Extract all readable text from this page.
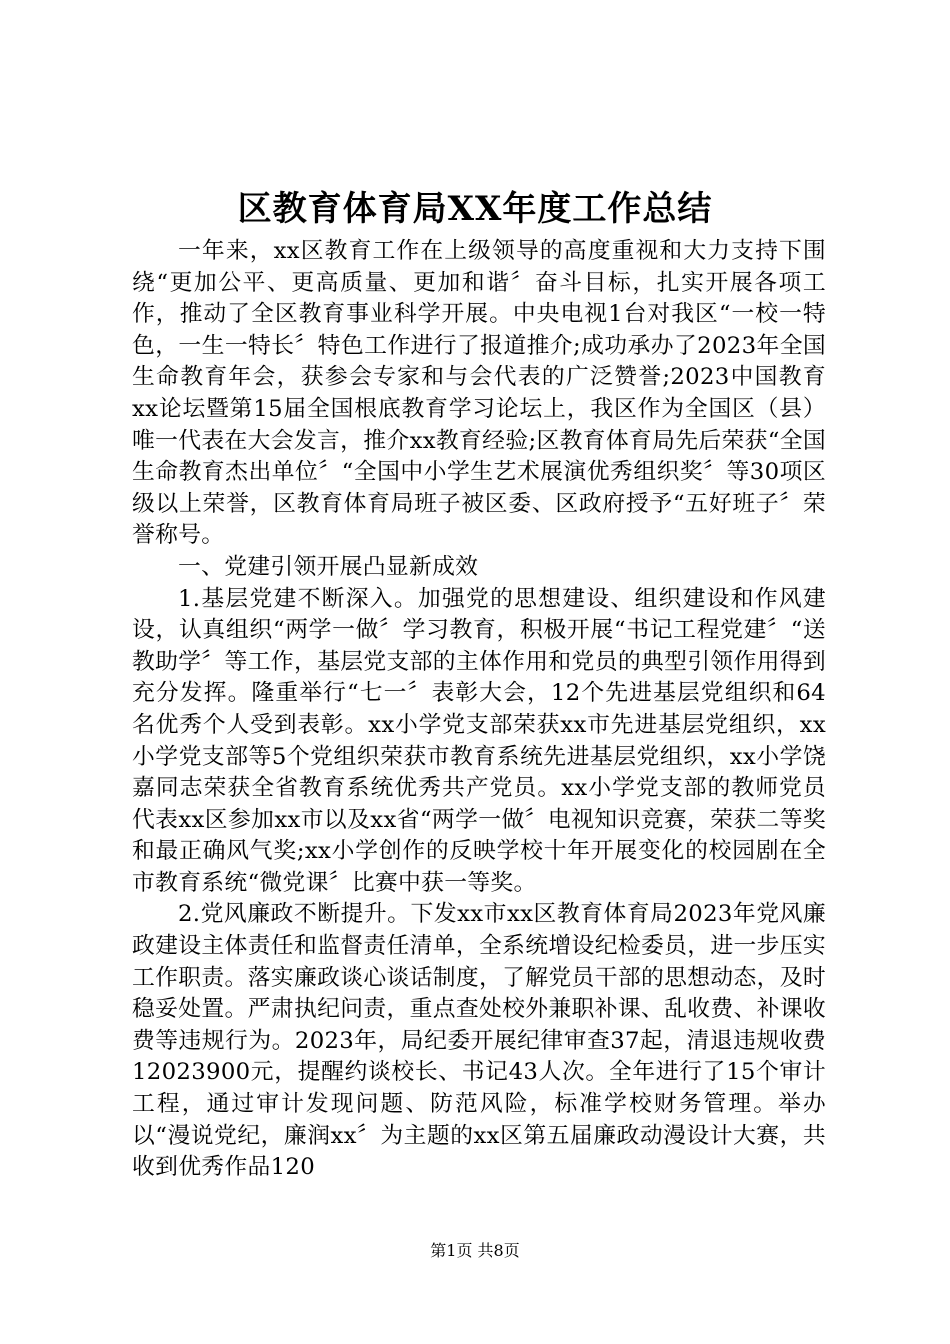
区教育体育局XX年度工作总结

一年来，xx区教育工作在上级领导的高度重视和大力支持下围绕“更加公平、更高质量、更加和谐〞奋斗目标，扎实开展各项工作，推动了全区教育事业科学开展。中央电视1台对我区“一校一特色，一生一特长〞特色工作进行了报道推介;成功承办了2023年全国生命教育年会，获参会专家和与会代表的广泛赞誉;2023中国教育xx论坛暨第15届全国根底教育学习论坛上，我区作为全国区（县）唯一代表在大会发言，推介xx教育经验;区教育体育局先后荣获“全国生命教育杰出单位〞“全国中小学生艺术展演优秀组织奖〞等30项区级以上荣誉，区教育体育局班子被区委、区政府授予“五好班子〞荣誉称号。

一、党建引领开展凸显新成效

1.基层党建不断深入。加强党的思想建设、组织建设和作风建设，认真组织“两学一做〞学习教育，积极开展“书记工程党建〞“送教助学〞等工作，基层党支部的主体作用和党员的典型引领作用得到充分发挥。隆重举行“七一〞表彰大会，12个先进基层党组织和64名优秀个人受到表彰。xx小学党支部荣获xx市先进基层党组织，xx小学党支部等5个党组织荣获市教育系统先进基层党组织，xx小学饶嘉同志荣获全省教育系统优秀共产党员。xx小学党支部的教师党员代表xx区参加xx市以及xx省“两学一做〞电视知识竞赛，荣获二等奖和最正确风气奖;xx小学创作的反映学校十年开展变化的校园剧在全市教育系统“微党课〞比赛中获一等奖。

2.党风廉政不断提升。下发xx市xx区教育体育局2023年党风廉政建设主体责任和监督责任清单，全系统增设纪检委员，进一步压实工作职责。落实廉政谈心谈话制度，了解党员干部的思想动态，及时稳妥处置。严肃执纪问责，重点查处校外兼职补课、乱收费、补课收费等违规行为。2023年，局纪委开展纪律审查37起，清退违规收费12023900元，提醒约谈校长、书记43人次。全年进行了15个审计工程，通过审计发现问题、防范风险，标准学校财务管理。举办以“漫说党纪，廉润xx〞为主题的xx区第五届廉政动漫设计大赛，共收到优秀作品120

第1页 共8页
